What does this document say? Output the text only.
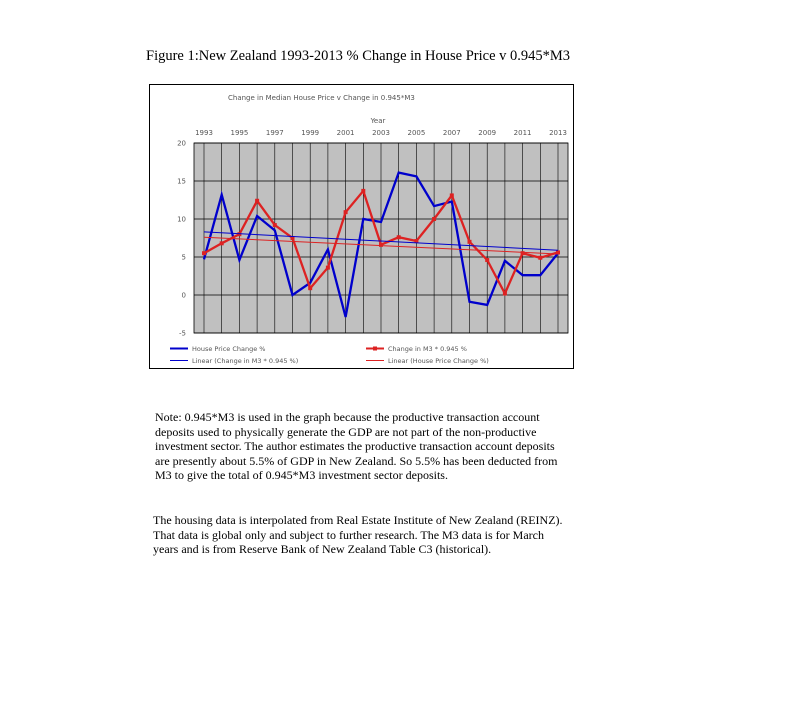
Figure 1:New Zealand 1993-2013 % Change in House Price v 0.945*M3
Change in Median House Price v Change in 0.945*M3
Year
20
15
10
5
0
-5
1993	1995	1997	1999	2001	2003	2005	2007	2009	2011	2013
House Price Change %	Change in M3 * 0.945 %
Linear (Change in M3 * 0.945 %)	Linear (House Price Change %)
Note: 0.945*M3 is used in the graph because the productive transaction account
deposits used to physically generate the GDP are not part of the non-productive
investment sector. The author estimates the productive transaction account deposits
are presently about 5.5% of GDP in New Zealand. So 5.5% has been deducted from
M3 to give the total of 0.945*M3 investment sector deposits.
The housing data is interpolated from Real Estate Institute of New Zealand (REINZ).
That data is global only and subject to further research. The M3 data is for March
years and is from Reserve Bank of New Zealand Table C3 (historical).
